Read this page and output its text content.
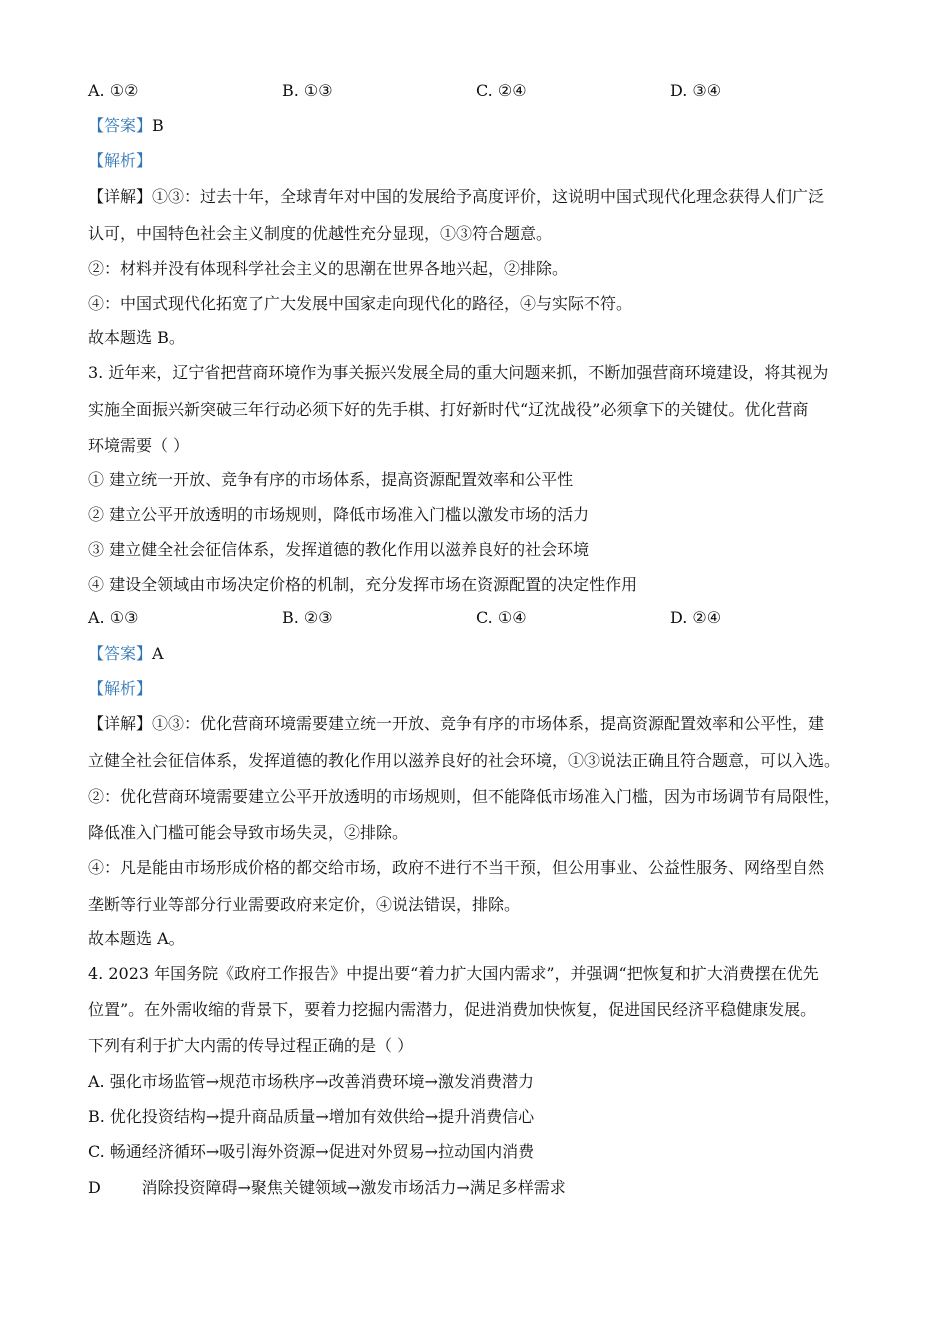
A. ①②	B. ①③	C. ②④	D. ③④
【答案】B
【解析】
【详解】①③：过去十年，全球青年对中国的发展给予高度评价，这说明中国式现代化理念获得人们广泛
认可，中国特色社会主义制度的优越性充分显现，①③符合题意。
②：材料并没有体现科学社会主义的思潮在世界各地兴起，②排除。
④：中国式现代化拓宽了广大发展中国家走向现代化的路径，④与实际不符。
故本题选 B。
3. 近年来，辽宁省把营商环境作为事关振兴发展全局的重大问题来抓，不断加强营商环境建设，将其视为
实施全面振兴新突破三年行动必须下好的先手棋、打好新时代“辽沈战役”必须拿下的关键仗。优化营商
环境需要（ ）
① 建立统一开放、竞争有序的市场体系，提高资源配置效率和公平性
② 建立公平开放透明的市场规则，降低市场准入门槛以激发市场的活力
③ 建立健全社会征信体系，发挥道德的教化作用以滋养良好的社会环境
④ 建设全领域由市场决定价格的机制，充分发挥市场在资源配置的决定性作用
A. ①③	B. ②③	C. ①④	D. ②④
【答案】A
【解析】
【详解】①③：优化营商环境需要建立统一开放、竞争有序的市场体系，提高资源配置效率和公平性，建
立健全社会征信体系，发挥道德的教化作用以滋养良好的社会环境，①③说法正确且符合题意，可以入选。
②：优化营商环境需要建立公平开放透明的市场规则，但不能降低市场准入门槛，因为市场调节有局限性，
降低准入门槛可能会导致市场失灵，②排除。
④：凡是能由市场形成价格的都交给市场，政府不进行不当干预，但公用事业、公益性服务、网络型自然
垄断等行业等部分行业需要政府来定价，④说法错误，排除。
故本题选 A。
4. 2023 年国务院《政府工作报告》中提出要“着力扩大国内需求”，并强调“把恢复和扩大消费摆在优先
位置”。在外需收缩的背景下，要着力挖掘内需潜力，促进消费加快恢复，促进国民经济平稳健康发展。
下列有利于扩大内需的传导过程正确的是（ ）
A. 强化市场监管→规范市场秩序→改善消费环境→激发消费潜力
B. 优化投资结构→提升商品质量→增加有效供给→提升消费信心
C. 畅通经济循环→吸引海外资源→促进对外贸易→拉动国内消费
D        消除投资障碍→聚焦关键领域→激发市场活力→满足多样需求
